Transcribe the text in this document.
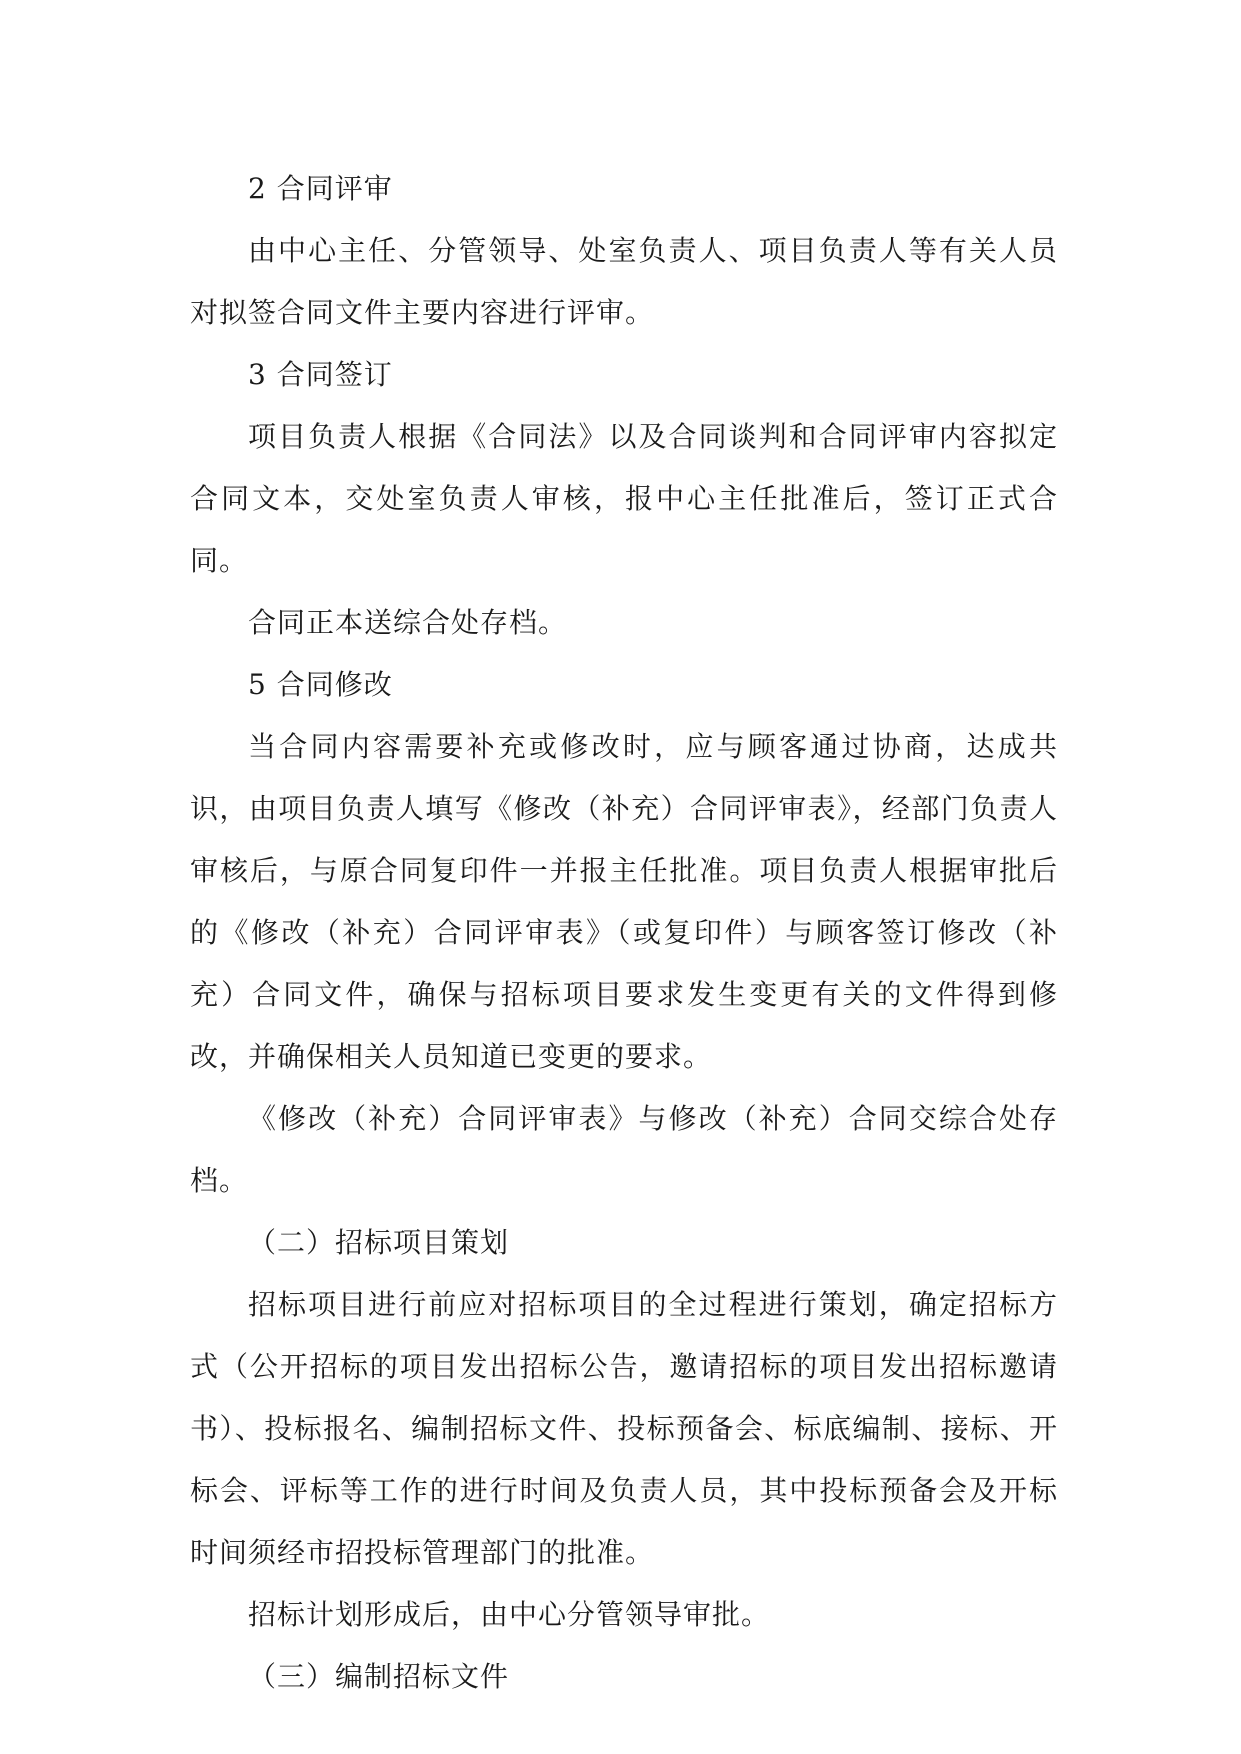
2 合同评审

由中心主任、分管领导、处室负责人、项目负责人等有关人员对拟签合同文件主要内容进行评审。

3 合同签订

项目负责人根据《合同法》以及合同谈判和合同评审内容拟定合同文本，交处室负责人审核，报中心主任批准后，签订正式合同。

合同正本送综合处存档。

5 合同修改

当合同内容需要补充或修改时，应与顾客通过协商，达成共识，由项目负责人填写《修改（补充）合同评审表》，经部门负责人审核后，与原合同复印件一并报主任批准。项目负责人根据审批后的《修改（补充）合同评审表》（或复印件）与顾客签订修改（补充）合同文件，确保与招标项目要求发生变更有关的文件得到修改，并确保相关人员知道已变更的要求。

《修改（补充）合同评审表》与修改（补充）合同交综合处存档。

（二）招标项目策划

招标项目进行前应对招标项目的全过程进行策划，确定招标方式（公开招标的项目发出招标公告，邀请招标的项目发出招标邀请书）、投标报名、编制招标文件、投标预备会、标底编制、接标、开标会、评标等工作的进行时间及负责人员，其中投标预备会及开标时间须经市招投标管理部门的批准。

招标计划形成后，由中心分管领导审批。

（三）编制招标文件
